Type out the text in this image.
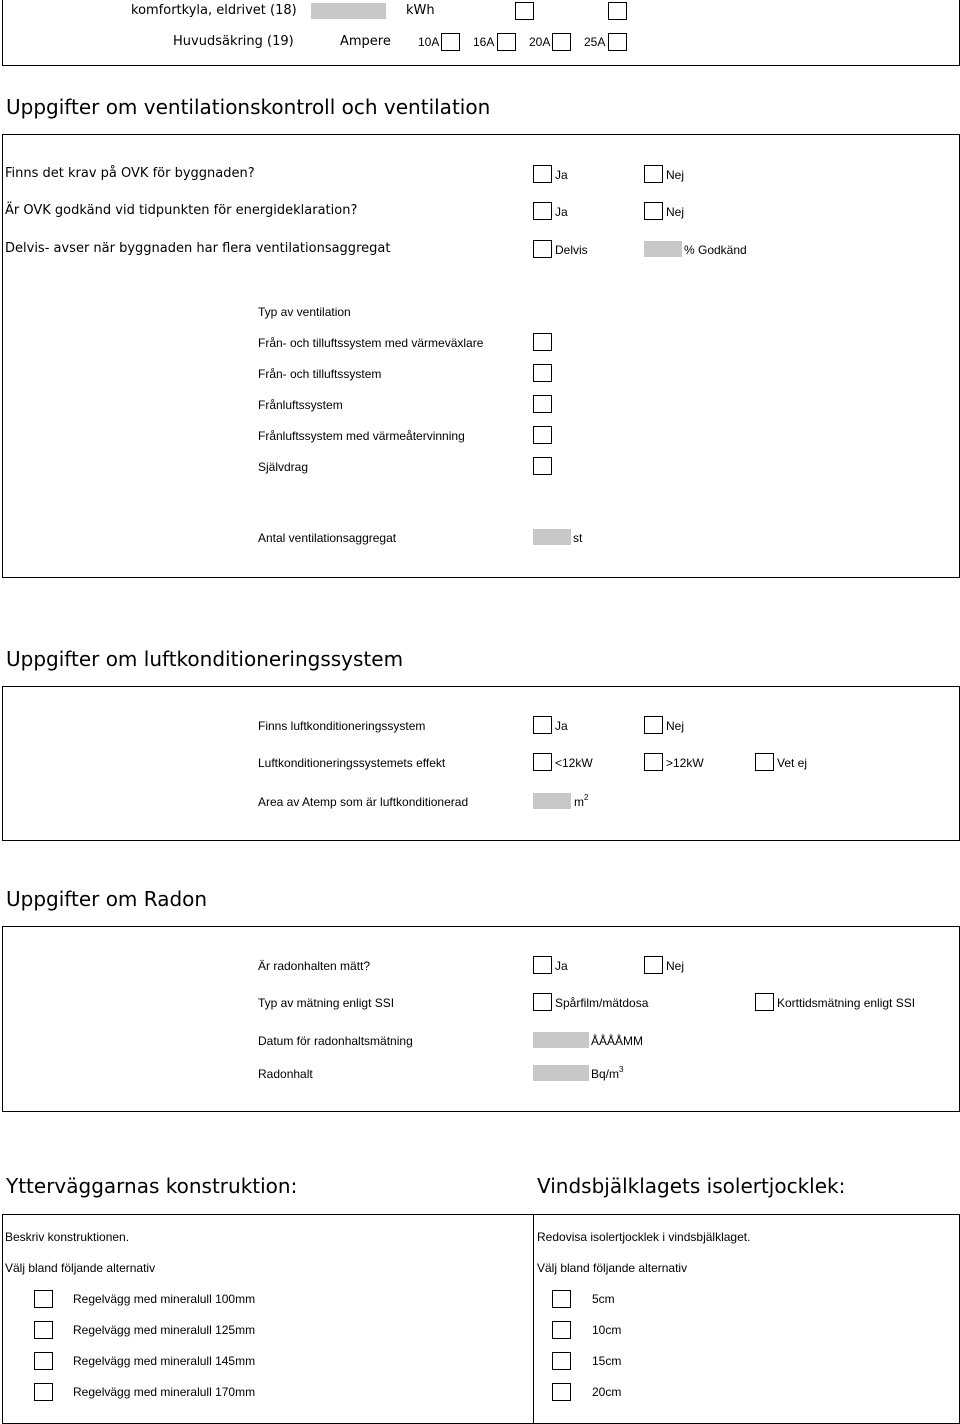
komfortkyla, eldrivet (18)	kWh
Huvudsäkring (19)	Ampere 10A	16A	20A	25A
Uppgifter om ventilationskontroll och ventilation
Finns det krav på OVK för byggnaden?	Ja	Nej
Är OVK godkänd vid tidpunkten för energideklaration?	Ja	Nej
Delvis- avser när byggnaden har flera ventilationsaggregat	Delvis	% Godkänd
Typ av ventilation
Från- och tilluftssystem med värmeväxlare
Från- och tilluftssystem
Frånluftssystem
Frånluftssystem med värmeåtervinning
Självdrag
Antal ventilationsaggregat	st
Uppgifter om luftkonditioneringssystem
Finns luftkonditioneringssystem	Ja	Nej
Luftkonditioneringssystemets effekt	<12kW	>12kW	Vet ej
Area av Atemp som är luftkonditionerad	$m^2$
Uppgifter om Radon
Är radonhalten mätt?	Ja	Nej
Typ av mätning enligt SSI	Spårfilm/mätdosa	Korttidsmätning enligt SSI
Datum för radonhaltsmätning	ÅÅÅÅMM
Radonhalt	$Bq/m^3$
Ytterväggarnas konstruktion:	Vindsbjälklagets isolertjocklek:
Beskriv konstruktionen.
Välj bland följande alternativ
Regelvägg med mineralull 100mm
Regelvägg med mineralull 125mm
Regelvägg med mineralull 145mm
Regelvägg med mineralull 170mm
Redovisa isolertjocklek i vindsbjälklaget.
Välj bland följande alternativ
5cm
10cm
15cm
20cm
